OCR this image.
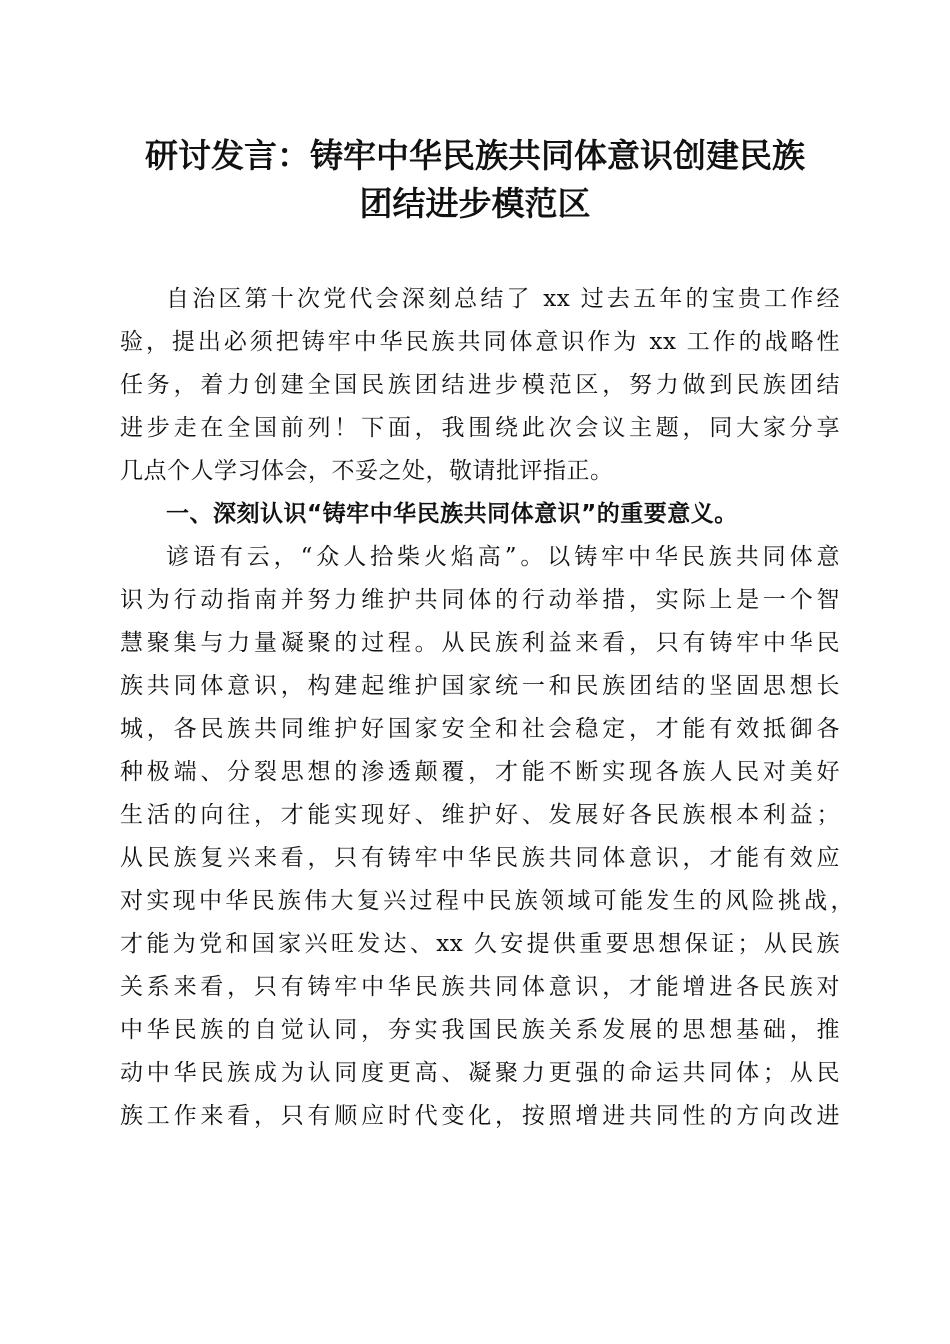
研讨发言：铸牢中华民族共同体意识创建民族
团结进步模范区
自治区第十次党代会深刻总结了 xx 过去五年的宝贵工作经
验，提出必须把铸牢中华民族共同体意识作为 xx 工作的战略性
任务，着力创建全国民族团结进步模范区，努力做到民族团结
进步走在全国前列！下面，我围绕此次会议主题，同大家分享
几点个人学习体会，不妥之处，敬请批评指正。
一、深刻认识“铸牢中华民族共同体意识”的重要意义。
谚语有云，“众人拾柴火焰高”。以铸牢中华民族共同体意
识为行动指南并努力维护共同体的行动举措，实际上是一个智
慧聚集与力量凝聚的过程。从民族利益来看，只有铸牢中华民
族共同体意识，构建起维护国家统一和民族团结的坚固思想长
城，各民族共同维护好国家安全和社会稳定，才能有效抵御各
种极端、分裂思想的渗透颠覆，才能不断实现各族人民对美好
生活的向往，才能实现好、维护好、发展好各民族根本利益；
从民族复兴来看，只有铸牢中华民族共同体意识，才能有效应
对实现中华民族伟大复兴过程中民族领域可能发生的风险挑战，
才能为党和国家兴旺发达、xx 久安提供重要思想保证；从民族
关系来看，只有铸牢中华民族共同体意识，才能增进各民族对
中华民族的自觉认同，夯实我国民族关系发展的思想基础，推
动中华民族成为认同度更高、凝聚力更强的命运共同体；从民
族工作来看，只有顺应时代变化，按照增进共同性的方向改进
